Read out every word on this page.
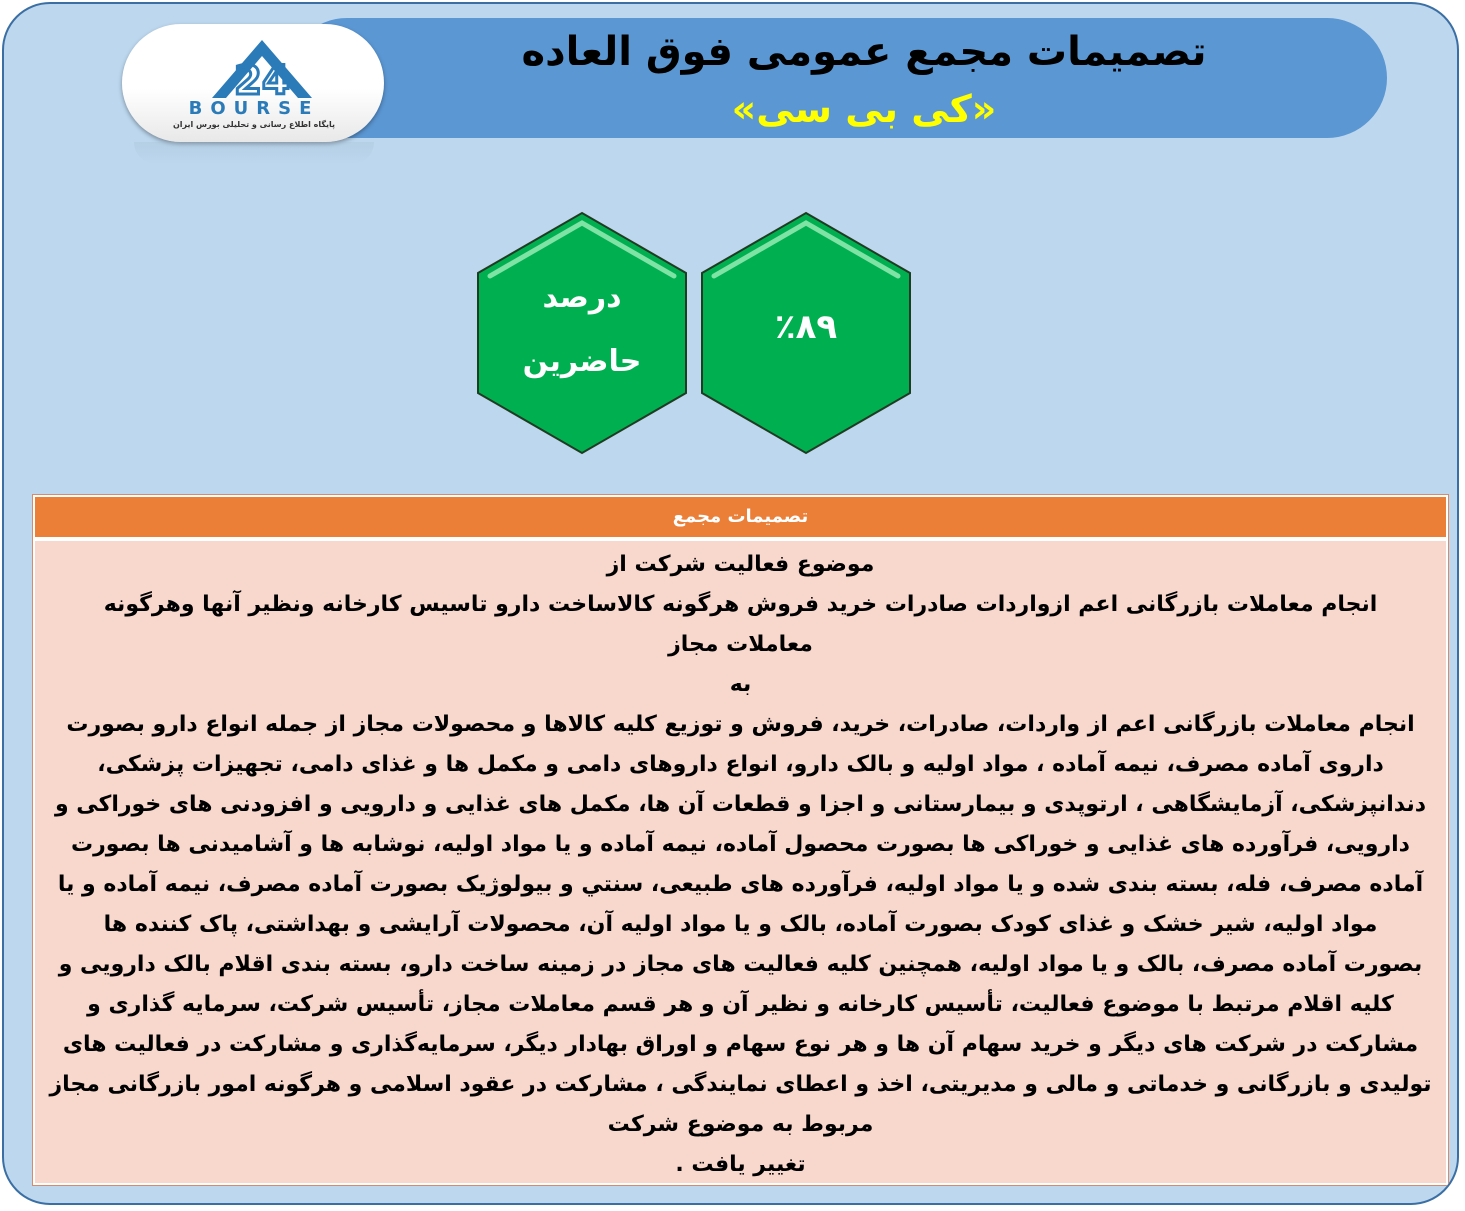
24
BOURSE
پایگاه اطلاع رسانی و تحلیلی بورس ایران
تصمیمات مجمع عمومی فوق العاده
«کی بی سی»
درصد
حاضرین
٪۸۹
تصمیمات مجمع

موضوع فعالیت شرکت از
انجام معاملات بازرگانی اعم ازواردات صادرات خرید فروش هرگونه کالاساخت دارو تاسیس کارخانه ونظیر آنها وهرگونه
معاملات مجاز
به
انجام معاملات بازرگانی اعم از واردات، صادرات، خرید، فروش و توزیع کلیه کالاها و محصولات مجاز از جمله انواع دارو بصورت
داروی آماده مصرف، نیمه آماده ، مواد اولیه و بالک دارو، انواع داروهای دامی و مکمل ها و غذای دامی، تجهیزات پزشکی،
دندانپزشکی، آزمایشگاهی ، ارتوپدی و بیمارستانی و اجزا و قطعات آن ها، مکمل های غذایی و دارویی و افزودنی های خوراکی و
دارویی، فرآورده های غذایی و خوراکی ها بصورت محصول آماده، نیمه آماده و یا مواد اولیه، نوشابه ها و آشامیدنی ها بصورت
آماده مصرف، فله، بسته بندی شده و یا مواد اولیه، فرآورده های طبیعی، سنتي و بیولوژیک بصورت آماده مصرف، نیمه آماده و یا
مواد اولیه، شیر خشک و غذای کودک بصورت آماده، بالک و یا مواد اولیه آن، محصولات آرایشی و بهداشتی، پاک کننده ها
بصورت آماده مصرف، بالک و یا مواد اولیه، همچنین کلیه فعالیت های مجاز در زمینه ساخت دارو، بسته بندی اقلام بالک دارویی و
کلیه اقلام مرتبط با موضوع فعالیت، تأسیس کارخانه و نظیر آن و هر قسم معاملات مجاز، تأسیس شرکت، سرمایه گذاری و
مشارکت در شرکت های دیگر و خرید سهام آن ها و هر نوع سهام و اوراق بهادار دیگر، سرمایه‌گذاری و مشارکت در فعالیت های
تولیدی و بازرگانی و خدماتی و مالی و مدیریتی، اخذ و اعطای نمایندگی ، مشارکت در عقود اسلامی و هرگونه امور بازرگانی مجاز
مربوط به موضوع شرکت
تغییر یافت .
